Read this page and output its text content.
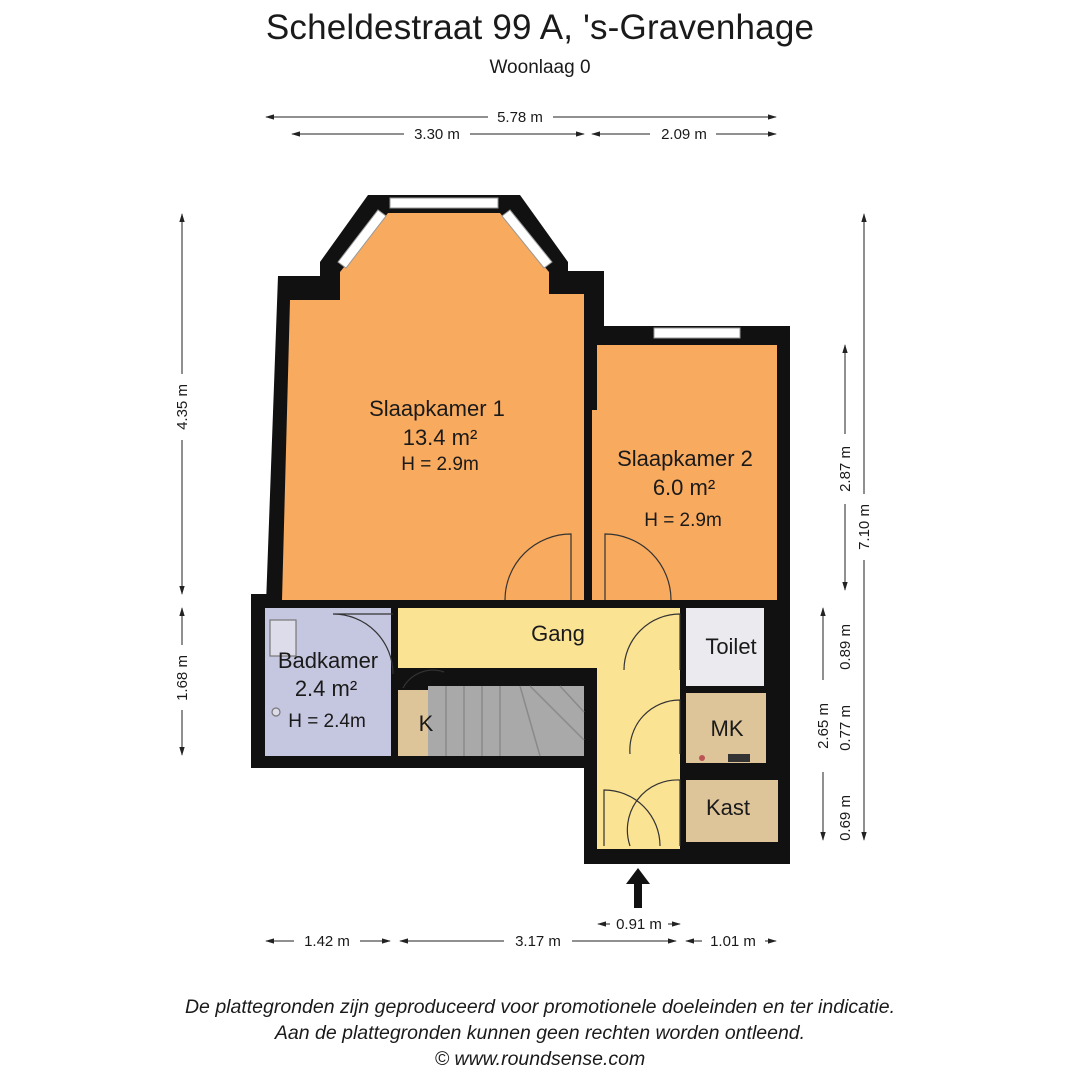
Scheldestraat 99 A, 's-Gravenhage
Woonlaag 0
Slaapkamer 1
13.4 m²
H = 2.9m	Slaapkamer 2
6.0 m²
H = 2.9m
Badkamer
2.4 m²
H = 2.4m
Gang
Toilet
MK
Kast
K
5.78 m
3.30 m	2.09 m
4.35 m
1.68 m
7.10 m
2.87 m
2.65 m
0.89 m
0.77 m
0.69 m
1.42 m	3.17 m	1.01 m
0.91 m
De plattegronden zijn geproduceerd voor promotionele doeleinden en ter indicatie.
Aan de plattegronden kunnen geen rechten worden ontleend.
© www.roundsense.com
